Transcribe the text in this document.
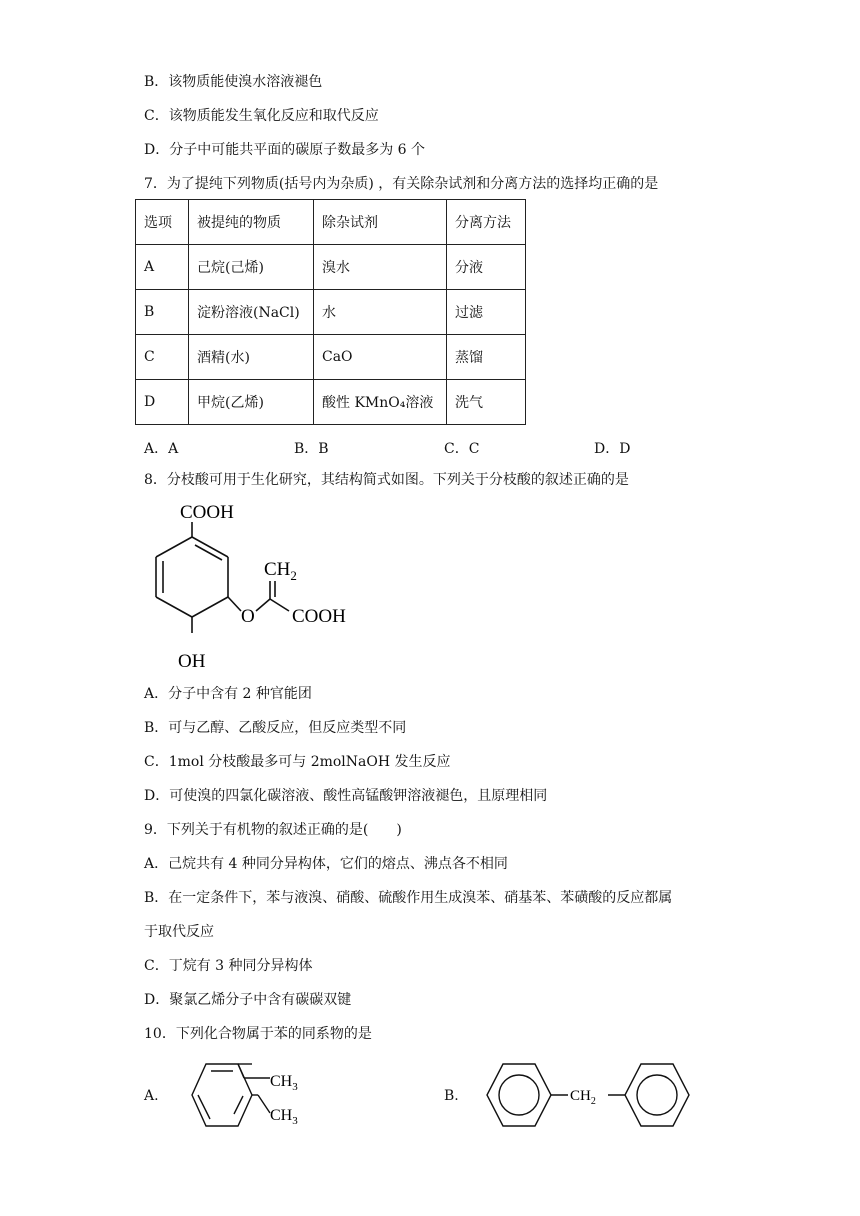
B．该物质能使溴水溶液褪色
C．该物质能发生氧化反应和取代反应
D．分子中可能共平面的碳原子数最多为 6 个
7．为了提纯下列物质(括号内为杂质) ，有关除杂试剂和分离方法的选择均正确的是
选项	被提纯的物质	除杂试剂	分离方法
A	己烷(己烯)	溴水	分液
B	淀粉溶液(NaCl)	水	过滤
C	酒精(水)	CaO	蒸馏
D	甲烷(乙烯)	酸性 KMnO₄溶液	洗气
A．A	B．B	C．C	D．D
8．分枝酸可用于生化研究，其结构简式如图。下列关于分枝酸的叙述正确的是
COOH
$CH_2$
O COOH
OH
A．分子中含有 2 种官能团
B．可与乙醇、乙酸反应，但反应类型不同
C．1mol 分枝酸最多可与 2molNaOH 发生反应
D．可使溴的四氯化碳溶液、酸性高锰酸钾溶液褪色，且原理相同
9．下列关于有机物的叙述正确的是(　　)
A．己烷共有 4 种同分异构体，它们的熔点、沸点各不相同
B．在一定条件下，苯与液溴、硝酸、硫酸作用生成溴苯、硝基苯、苯磺酸的反应都属
于取代反应
C．丁烷有 3 种同分异构体
D．聚氯乙烯分子中含有碳碳双键
10．下列化合物属于苯的同系物的是
A.
$CH_3$
$CH_3$
B.	$CH_2$
